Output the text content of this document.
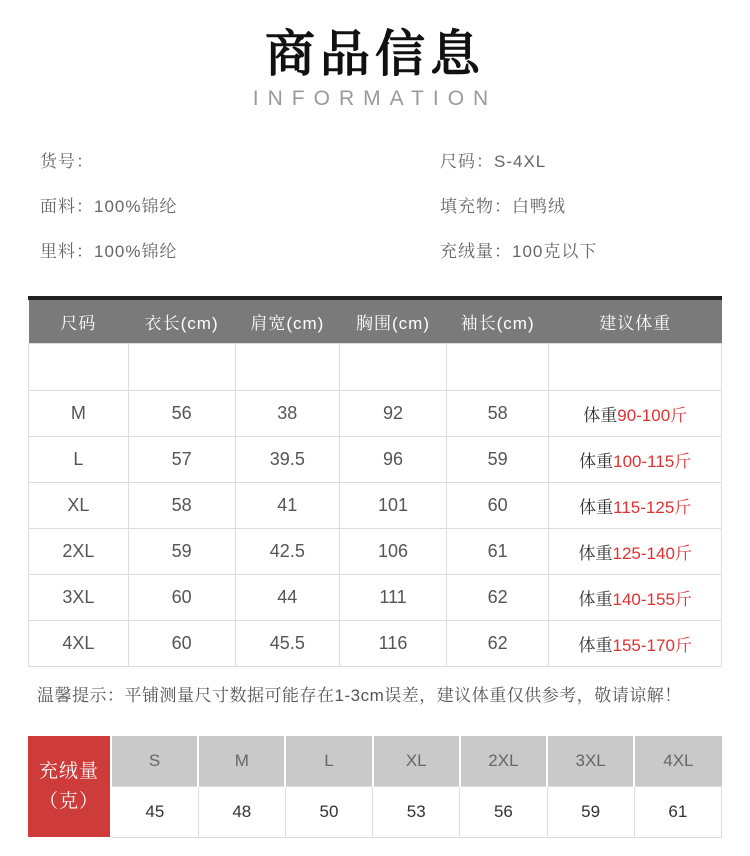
商品信息
INFORMATION
货号：
面料：100%锦纶
里料：100%锦纶
尺码：S-4XL
填充物：白鸭绒
充绒量：100克以下
尺码	衣长(cm)	肩宽(cm)	胸围(cm)	袖长(cm)	建议体重

M	56	38	92	58	体重90-100斤
L	57	39.5	96	59	体重100-115斤
XL	58	41	101	60	体重115-125斤
2XL	59	42.5	106	61	体重125-140斤
3XL	60	44	111	62	体重140-155斤
4XL	60	45.5	116	62	体重155-170斤
温馨提示：平铺测量尺寸数据可能存在1-3cm误差，建议体重仅供参考，敬请谅解！
充绒量
（克）	S	M	L	XL	2XL	3XL	4XL
	45	48	50	53	56	59	61
